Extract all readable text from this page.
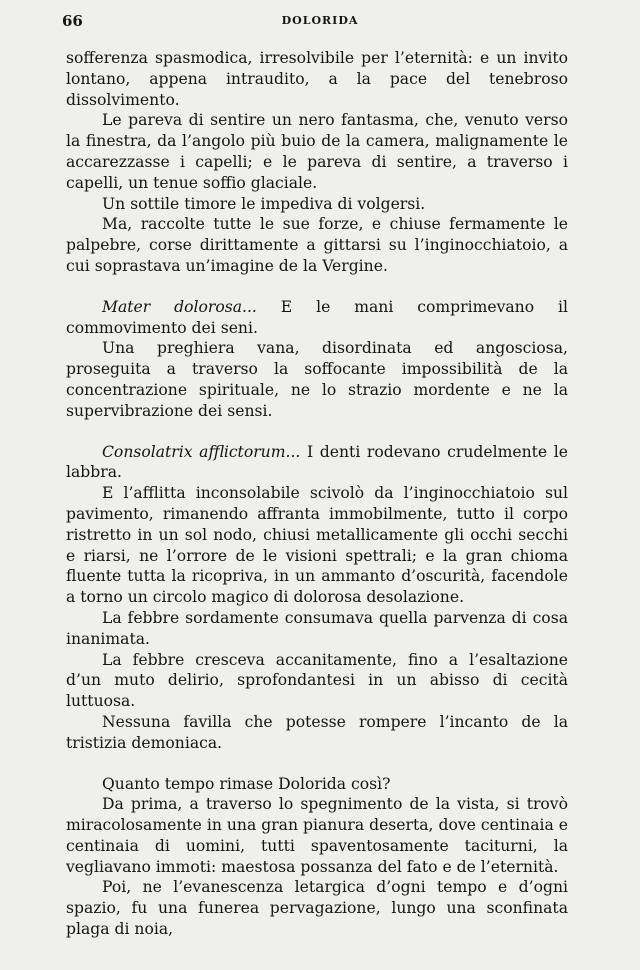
66	DOLORIDA

sofferenza spasmodica, irresolvibile per l’eternità: e un invito lontano, appena intraudito, a la pace del tenebroso dissolvimento.

Le pareva di sentire un nero fantasma, che, venuto verso la finestra, da l’angolo più buio de la camera, malignamente le accarezzasse i capelli; e le pareva di sentire, a traverso i capelli, un tenue soffio glaciale.

Un sottile timore le impediva di volgersi.

Ma, raccolte tutte le sue forze, e chiuse fermamente le palpebre, corse dirittamente a gittarsi su l’inginocchiatoio, a cui soprastava un’imagine de la Vergine.

Mater dolorosa... E le mani comprimevano il commovimento dei seni.

Una preghiera vana, disordinata ed angosciosa, proseguita a traverso la soffocante impossibilità de la concentrazione spirituale, ne lo strazio mordente e ne la supervibrazione dei sensi.

Consolatrix afflictorum... I denti rodevano crudelmente le labbra.

E l’afflitta inconsolabile scivolò da l’inginocchiatoio sul pavimento, rimanendo affranta immobilmente, tutto il corpo ristretto in un sol nodo, chiusi metallicamente gli occhi secchi e riarsi, ne l’orrore de le visioni spettrali; e la gran chioma fluente tutta la ricopriva, in un ammanto d’oscurità, facendole a torno un circolo magico di dolorosa desolazione.

La febbre sordamente consumava quella parvenza di cosa inanimata.

La febbre cresceva accanitamente, fino a l’esaltazione d’un muto delirio, sprofondantesi in un abisso di cecità luttuosa.

Nessuna favilla che potesse rompere l’incanto de la tristizia demoniaca.

Quanto tempo rimase Dolorida così?

Da prima, a traverso lo spegnimento de la vista, si trovò miracolosamente in una gran pianura deserta, dove centinaia e centinaia di uomini, tutti spaventosamente taciturni, la vegliavano immoti: maestosa possanza del fato e de l’eternità.

Poi, ne l’evanescenza letargica d’ogni tempo e d’ogni spazio, fu una funerea pervagazione, lungo una sconfinata plaga di noia,
